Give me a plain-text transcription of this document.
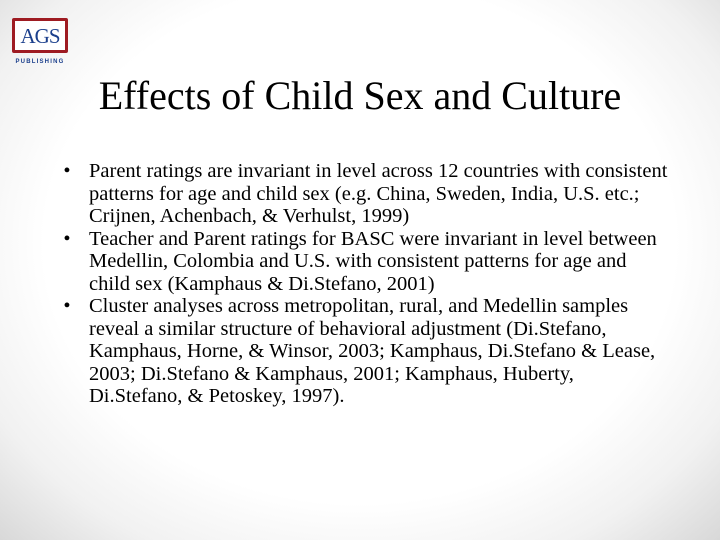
AGS
PUBLISHING
Effects of Child Sex and Culture
• Parent ratings are invariant in level across 12 countries with consistent patterns for age and child sex (e.g. China, Sweden, India, U.S. etc.; Crijnen, Achenbach, & Verhulst, 1999)
• Teacher and Parent ratings for BASC were invariant in level between Medellin, Colombia and U.S. with consistent patterns for age and child sex (Kamphaus & Di.Stefano, 2001)
• Cluster analyses across metropolitan, rural, and Medellin samples reveal a similar structure of behavioral adjustment (Di.Stefano, Kamphaus, Horne, & Winsor, 2003; Kamphaus, Di.Stefano & Lease, 2003; Di.Stefano & Kamphaus, 2001; Kamphaus, Huberty, Di.Stefano, & Petoskey, 1997).
